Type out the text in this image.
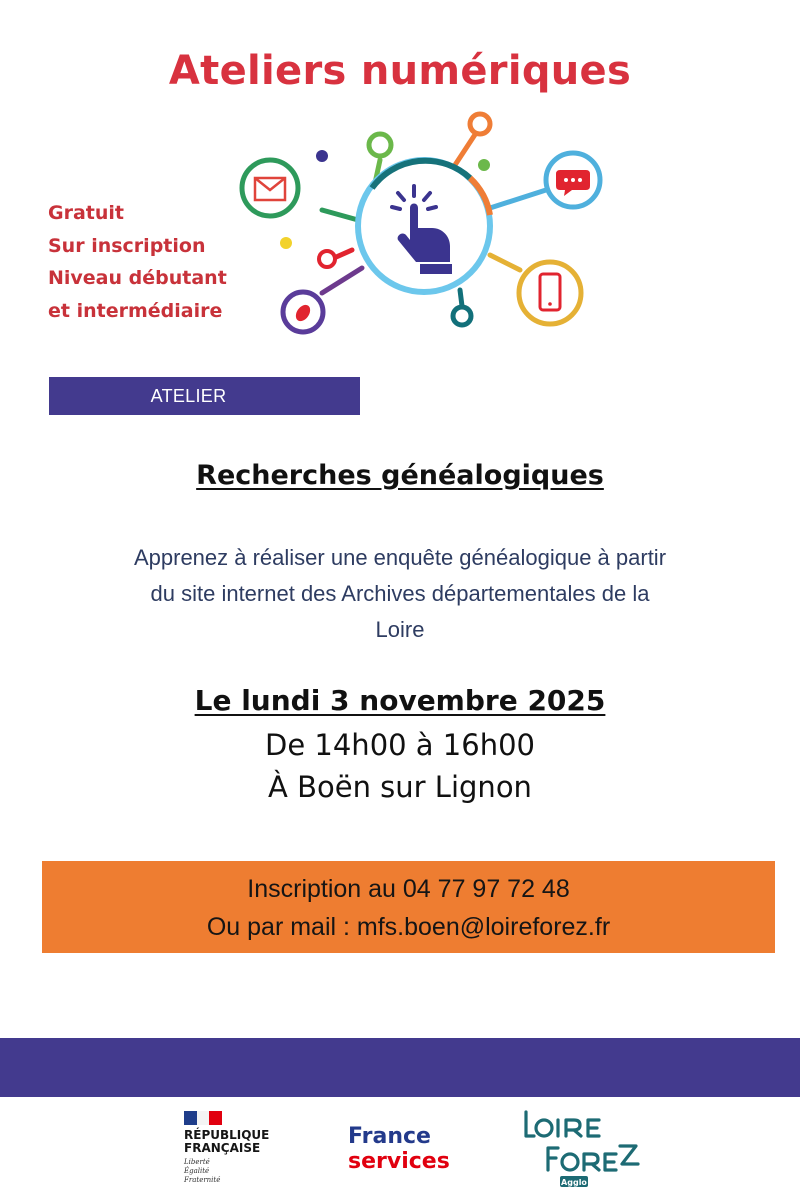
Ateliers numériques
Gratuit
Sur inscription
Niveau débutant
et intermédiaire
ATELIER
Recherches généalogiques
Apprenez à réaliser une enquête généalogique à partir
du site internet des Archives départementales de la
Loire
Le lundi 3 novembre 2025
De 14h00 à 16h00
À Boën sur Lignon
Inscription au 04 77 97 72 48
Ou par mail : mfs.boen@loireforez.fr
RÉPUBLIQUE
FRANÇAISE
Liberté
Égalité
Fraternité
France
services
Agglo
